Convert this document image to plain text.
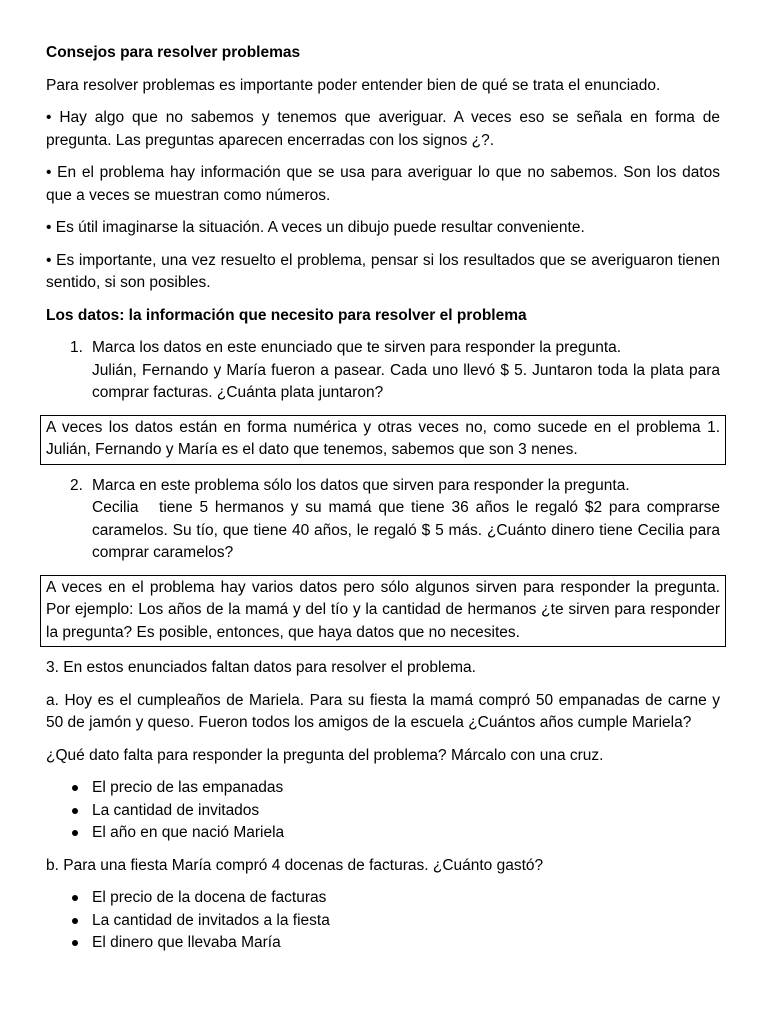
Consejos para resolver problemas

Para resolver problemas es importante poder entender bien de qué se trata el enunciado.

• Hay algo que no sabemos y tenemos que averiguar. A veces eso se señala en forma de pregunta. Las preguntas aparecen encerradas con los signos ¿?.

• En el problema hay información que se usa para averiguar lo que no sabemos. Son los datos que a veces se muestran como números.

• Es útil imaginarse la situación. A veces un dibujo puede resultar conveniente.

• Es importante, una vez resuelto el problema, pensar si los resultados que se averiguaron tienen sentido, si son posibles.

Los datos: la información que necesito para resolver el problema

1. Marca los datos en este enunciado que te sirven para responder la pregunta.

Julián, Fernando y María fueron a pasear. Cada uno llevó $ 5. Juntaron toda la plata para comprar facturas. ¿Cuánta plata juntaron?

A veces los datos están en forma numérica y otras veces no, como sucede en el problema 1. Julián, Fernando y María es el dato que tenemos, sabemos que son 3 nenes.
2. Marca en este problema sólo los datos que sirven para responder la pregunta.

Cecilia   tiene 5 hermanos y su mamá que tiene 36 años le regaló $2 para comprarse caramelos. Su tío, que tiene 40 años, le regaló $ 5 más. ¿Cuánto dinero tiene Cecilia para comprar caramelos?

A veces en el problema hay varios datos pero sólo algunos sirven para responder la pregunta. Por ejemplo: Los años de la mamá y del tío y la cantidad de hermanos ¿te sirven para responder la pregunta? Es posible, entonces, que haya datos que no necesites.

3. En estos enunciados faltan datos para resolver el problema.

a. Hoy es el cumpleaños de Mariela. Para su fiesta la mamá compró 50 empanadas de carne y 50 de jamón y queso. Fueron todos los amigos de la escuela ¿Cuántos años cumple Mariela?

¿Qué dato falta para responder la pregunta del problema? Márcalo con una cruz.

El precio de las empanadas
La cantidad de invitados
El año en que nació Mariela

b. Para una fiesta María compró 4 docenas de facturas. ¿Cuánto gastó?

El precio de la docena de facturas
La cantidad de invitados a la fiesta
El dinero que llevaba María
